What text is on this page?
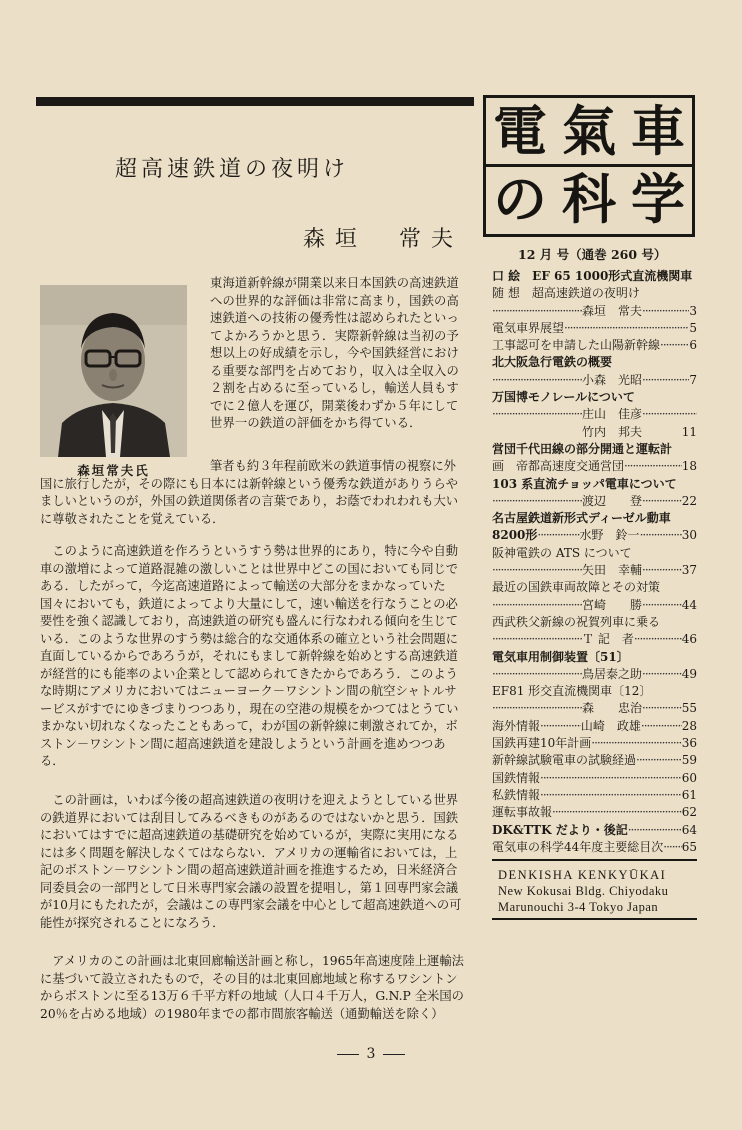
超高速鉄道の夜明け
森垣　常夫
森垣常夫氏
東海道新幹線が開業以来日本国鉄の高速鉄道への世界的な評価は非常に高まり，国鉄の高速鉄道への技術の優秀性は認められたといってよかろうかと思う．実際新幹線は当初の予想以上の好成績を示し，今や国鉄経営における重要な部門を占めており，収入は全収入の２割を占めるに至っているし，輸送人員もすでに２億人を運び，開業後わずか５年にして世界一の鉄道の評価をかち得ている．
筆者も約３年程前欧米の鉄道事情の視察に外国に旅行したが，その際にも日本には新幹線という優秀な鉄道がありうらやましいというのが，外国の鉄道関係者の言葉であり，お蔭でわれわれも大いに尊敬されたことを覚えている．
このように高速鉄道を作ろうというすう勢は世界的にあり，特に今や自動車の激増によって道路混雑の激しいことは世界中どこの国においても同じである．したがって，今迄高速道路によって輸送の大部分をまかなっていた国々においても，鉄道によってより大量にして，速い輸送を行なうことの必要性を強く認識しており，高速鉄道の研究も盛んに行なわれる傾向を生じている．このような世界のすう勢は総合的な交通体系の確立という社会問題に直面しているからであろうが，それにもまして新幹線を始めとする高速鉄道が経営的にも能率のよい企業として認められてきたからであろう．このような時期にアメリカにおいてはニューヨーク－ワシントン間の航空シャトルサービスがすでにゆきづまりつつあり，現在の空港の規模をかつてはとうていまかない切れなくなったこともあって，わが国の新幹線に刺激されてか，ボストン－ワシントン間に超高速鉄道を建設しようという計画を進めつつある．
この計画は，いわば今後の超高速鉄道の夜明けを迎えようとしている世界の鉄道界においては刮目してみるべきものがあるのではないかと思う．国鉄においてはすでに超高速鉄道の基礎研究を始めているが，実際に実用になるには多く問題を解決しなくてはならない．アメリカの運輸省においては，上記のボストン－ワシントン間の超高速鉄道計画を推進するため，日米経済合同委員会の一部門として日米専門家会議の設置を提唱し，第１回専門家会議が10月にもたれたが，会議はこの専門家会議を中心として超高速鉄道への可能性が探究されることになろう．
アメリカのこの計画は北東回廊輸送計画と称し，1965年高速度陸上運輸法に基づいて設立されたもので，その目的は北東回廊地域と称するワシントンからボストンに至る13万６千平方粁の地域（人口４千万人，G.N.P 全米国の20％を占める地域）の1980年までの都市間旅客輸送（通勤輸送を除く）
3
電 氣 車
の 科 学
12 月 号（通巻 260 号）
口 絵　EF 65 1000形式直流機関車
随 想　超高速鉄道の夜明け
·····
森垣　常夫 ·····	3
電気車界展望 ·····	5
工事認可を申請した山陽新幹線 ····· 6
北大阪急行電鉄の概要
·····
小森　光昭 ·····	7
万国博モノレールについて
·····
庄山　佳彦
·····
竹内　邦夫	11
営団千代田線の部分開通と運転計
画　帝都高速度交通営団 ·····	18
103 系直流チョッパ電車について
·····
渡辺　　登 ·····	22
名古屋鉄道新形式ディーゼル動車
8200形 ·····	水野　鈴一 ·····	30
阪神電鉄の ATS について
·····
矢田　幸輔 ·····	37
最近の国鉄車両故障とその対策
·····
宮崎　　勝 ·····	44
西武秩父新線の祝賀列車に乗る
·····
Ｔ 記　者 ·····	46
電気車用制御装置〔51〕
·····
鳥居泰之助 ·····	49
EF81 形交直流機関車〔12〕
·····
森　　忠治 ·····	55
海外情報 ·····	山崎　政雄 ·····	28
国鉄再建10年計画 ·····	36
新幹線試験電車の試験経過 ·····	59
国鉄情報 ·····	60
私鉄情報 ·····	61
運転事故報 ·····	62
DK&TTK だより・後記 ·····	64
電気車の科学44年度主要総目次 ····· 65
DENKISHA KENKYŪKAI
New Kokusai Bldg. Chiyodaku
Marunouchi 3-4 Tokyo Japan
